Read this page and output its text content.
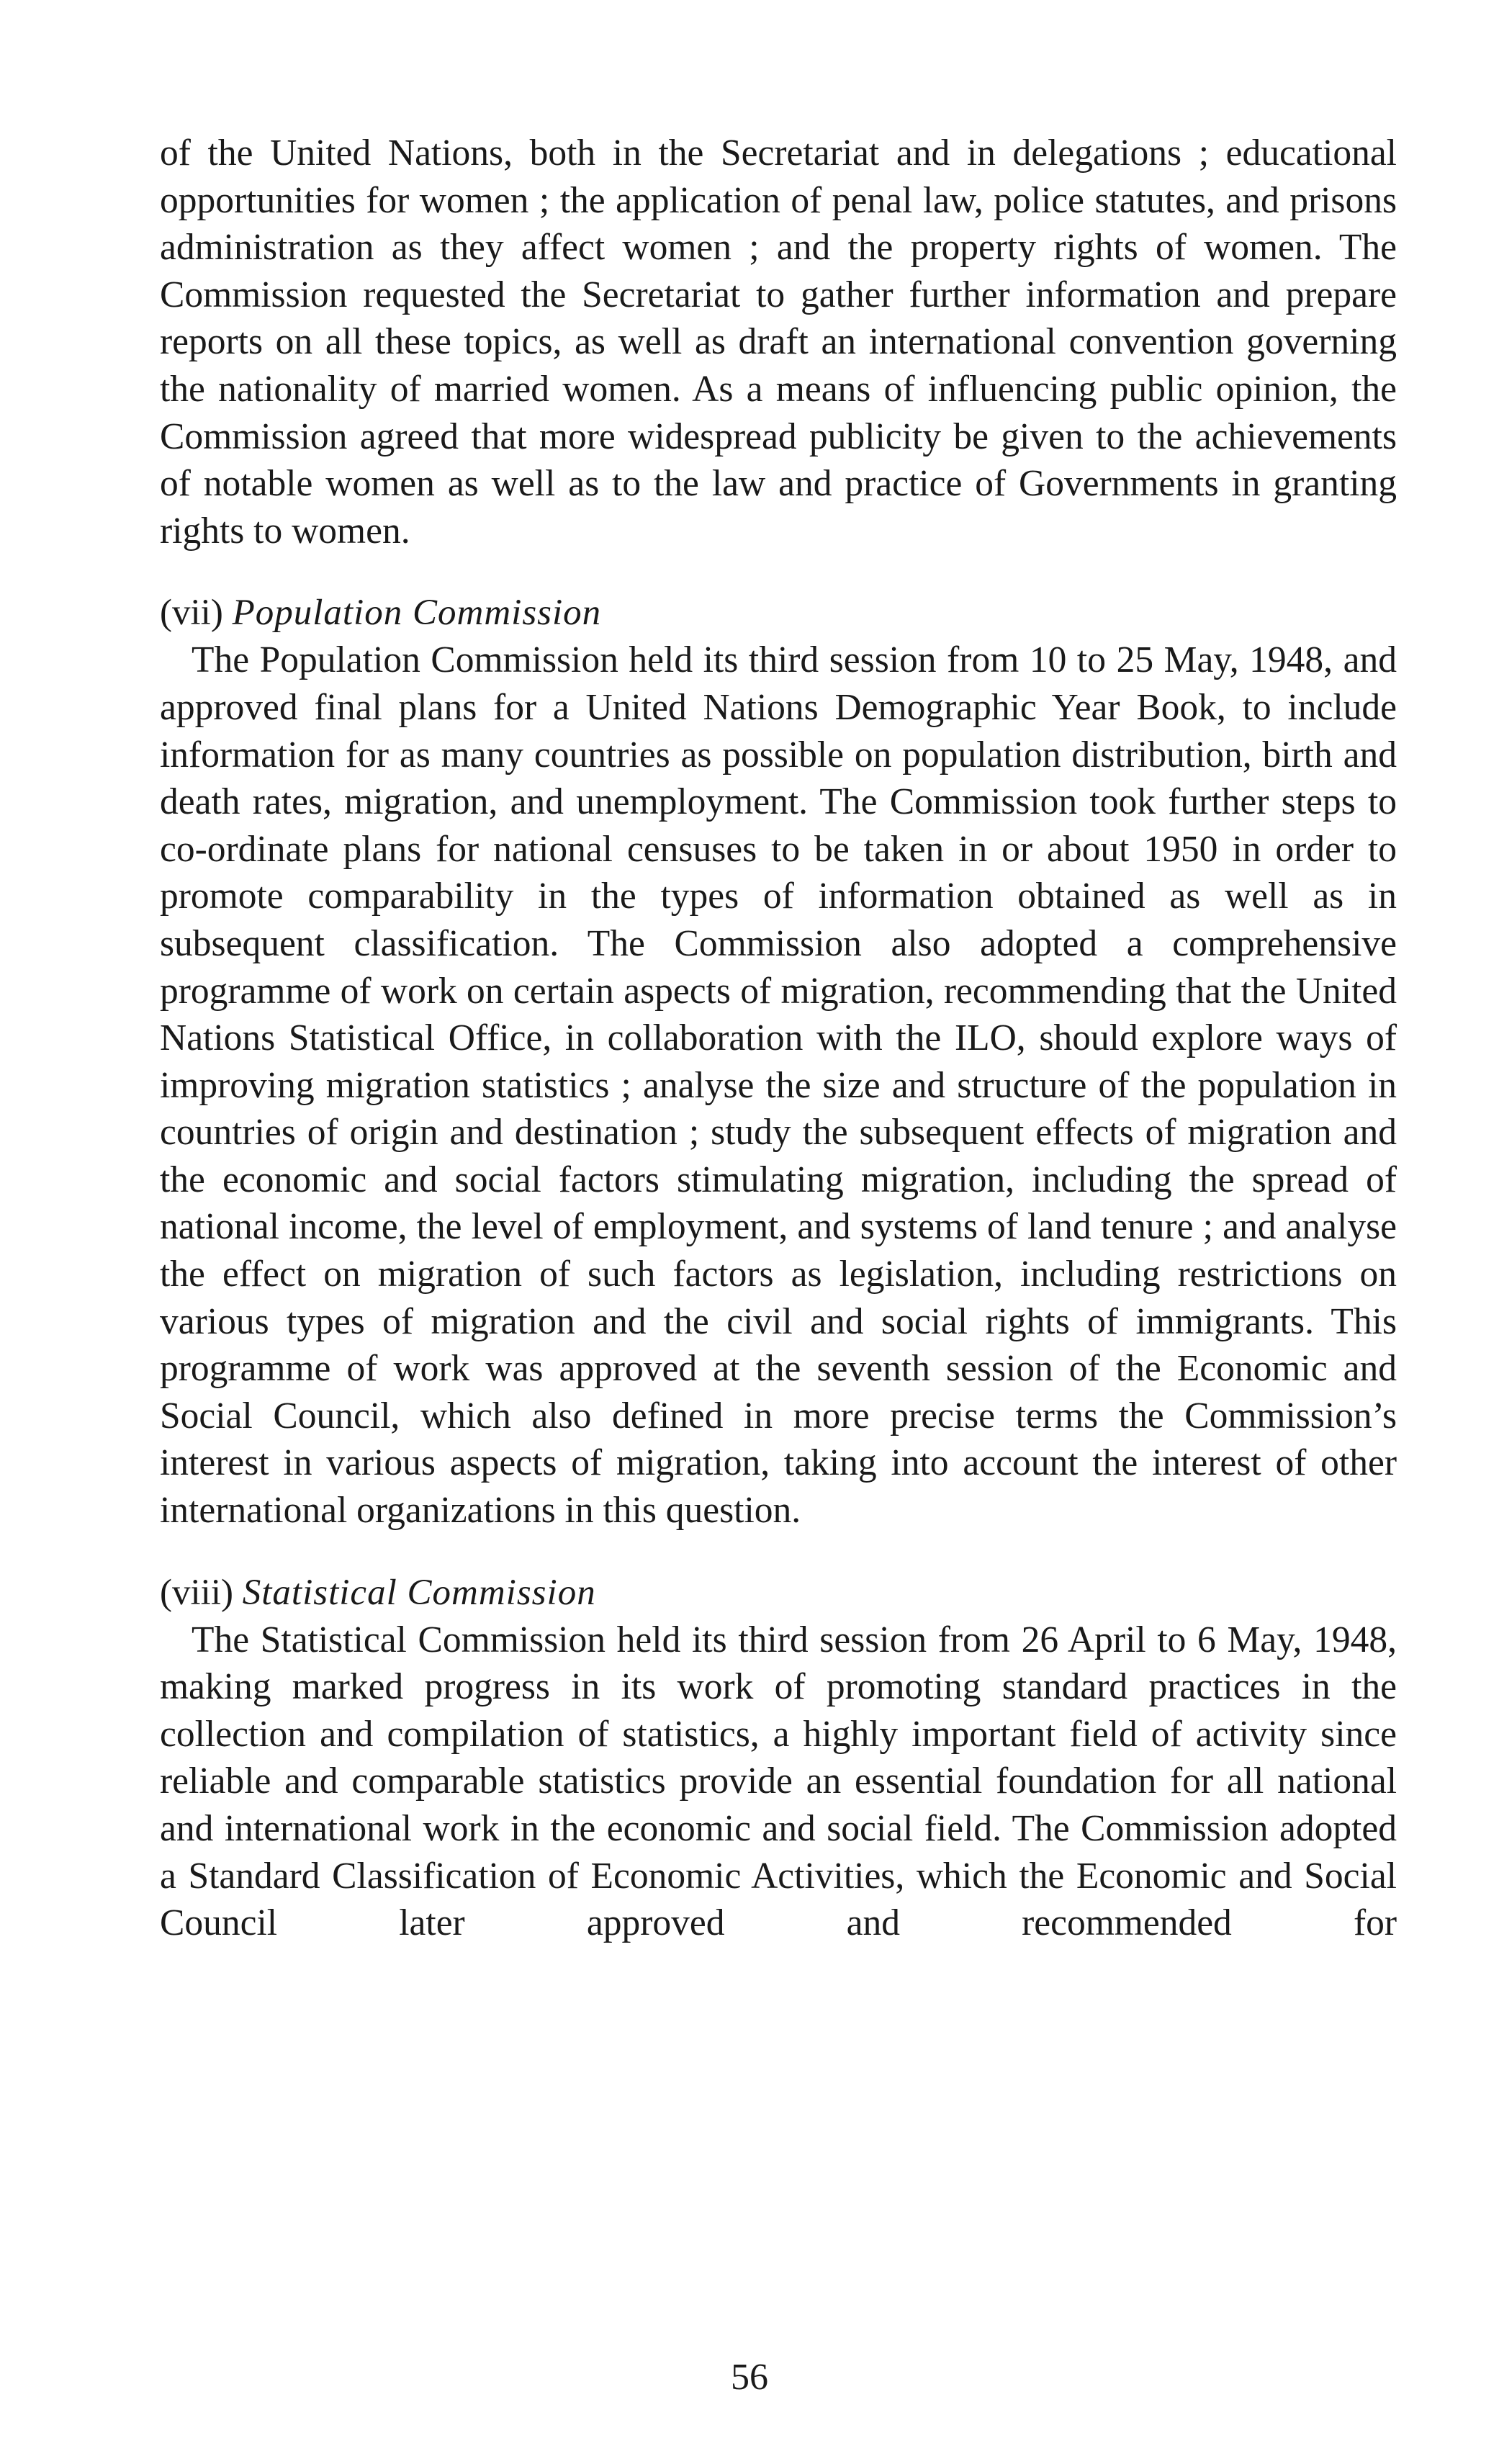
of the United Nations, both in the Secretariat and in delegations ; educational opportunities for women ; the application of penal law, police statutes, and prisons administration as they affect women ; and the property rights of women. The Commission requested the Secretariat to gather further information and prepare reports on all these topics, as well as draft an international convention governing the nationality of married women. As a means of influencing public opinion, the Commission agreed that more widespread publicity be given to the achievements of notable women as well as to the law and practice of Governments in granting rights to women.

(vii) Population Commission

The Population Commission held its third session from 10 to 25 May, 1948, and approved final plans for a United Nations Demographic Year Book, to include information for as many countries as possible on population distribution, birth and death rates, migration, and unemployment. The Commission took further steps to co-ordinate plans for national censuses to be taken in or about 1950 in order to promote comparability in the types of information obtained as well as in subsequent classification. The Commission also adopted a comprehensive programme of work on certain aspects of migration, recommending that the United Nations Statistical Office, in collaboration with the ILO, should explore ways of improving migration statistics ; analyse the size and structure of the population in countries of origin and destination ; study the subsequent effects of migration and the economic and social factors stimulating migration, including the spread of national income, the level of employment, and systems of land tenure ; and analyse the effect on migration of such factors as legislation, including restrictions on various types of migration and the civil and social rights of immigrants. This programme of work was approved at the seventh session of the Economic and Social Council, which also defined in more precise terms the Commission’s interest in various aspects of migration, taking into account the interest of other international organizations in this question.

(viii) Statistical Commission

The Statistical Commission held its third session from 26 April to 6 May, 1948, making marked progress in its work of promoting standard practices in the collection and compilation of statistics, a highly important field of activity since reliable and comparable statistics provide an essential foundation for all national and international work in the economic and social field. The Commission adopted a Standard Classification of Economic Activities, which the Economic and Social Council later approved and recommended for

56
